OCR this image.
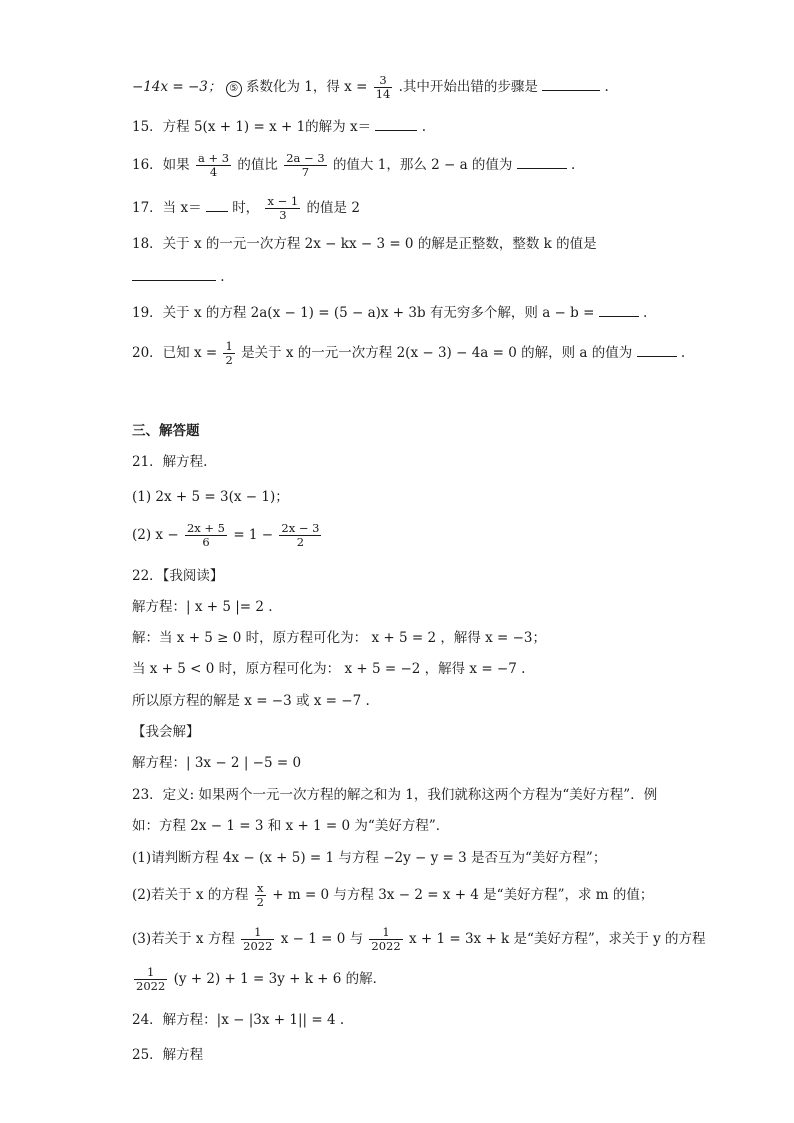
−14x = −3； ⑤ 系数化为 1，得 $x = \frac{3}{14}$ .其中开始出错的步骤是	.
15．方程 5(x + 1) = x + 1的解为 x＝	.
16．如果 $\frac{a + 3}{4}$ 的值比 $\frac{2a - 3}{7}$ 的值大 1，那么 2 − a 的值为	.
17．当 x＝ 时， $\frac{x - 1}{3}$ 的值是 2
18．关于 x 的一元一次方程 2x − kx − 3 = 0 的解是正整数，整数 k 的值是
.
19．关于 x 的方程 2a(x − 1) = (5 − a)x + 3b 有无穷多个解，则 a − b =	.
20．已知 $x = \frac{1}{2}$ 是关于 x 的一元一次方程 2(x − 3) − 4a = 0 的解，则 a 的值为	.
三、解答题
21．解方程.
(1) 2x + 5 = 3(x − 1)；
(2) $x - \frac{2x + 5}{6} = 1 - \frac{2x - 3}{2}$
22．【我阅读】
解方程：| x + 5 |= 2 .
解：当 x + 5 ≥ 0 时，原方程可化为： x + 5 = 2 ，解得 x = −3；
当 x + 5 < 0 时，原方程可化为： x + 5 = −2 ，解得 x = −7 .
所以原方程的解是 x = −3 或 x = −7 .
【我会解】
解方程：| 3x − 2 | −5 = 0
23．定义: 如果两个一元一次方程的解之和为 1，我们就称这两个方程为“美好方程”．例
如：方程 2x − 1 = 3 和 x + 1 = 0 为“美好方程”．
(1)请判断方程 4x − (x + 5) = 1 与方程 −2y − y = 3 是否互为“美好方程”；
(2)若关于 x 的方程 $\frac{x}{2} + m = 0$ 与方程 3x − 2 = x + 4 是“美好方程”，求 m 的值；
(3)若关于 x 方程 $\frac{1}{2022}$ x − 1 = 0 与 $\frac{1}{2022}$ x + 1 = 3x + k 是“美好方程”，求关于 y 的方程
$\frac{1}{2022} (y + 2) + 1 = 3y + k + 6$ 的解．
24．解方程：|x − |3x + 1|| = 4 .
25．解方程
